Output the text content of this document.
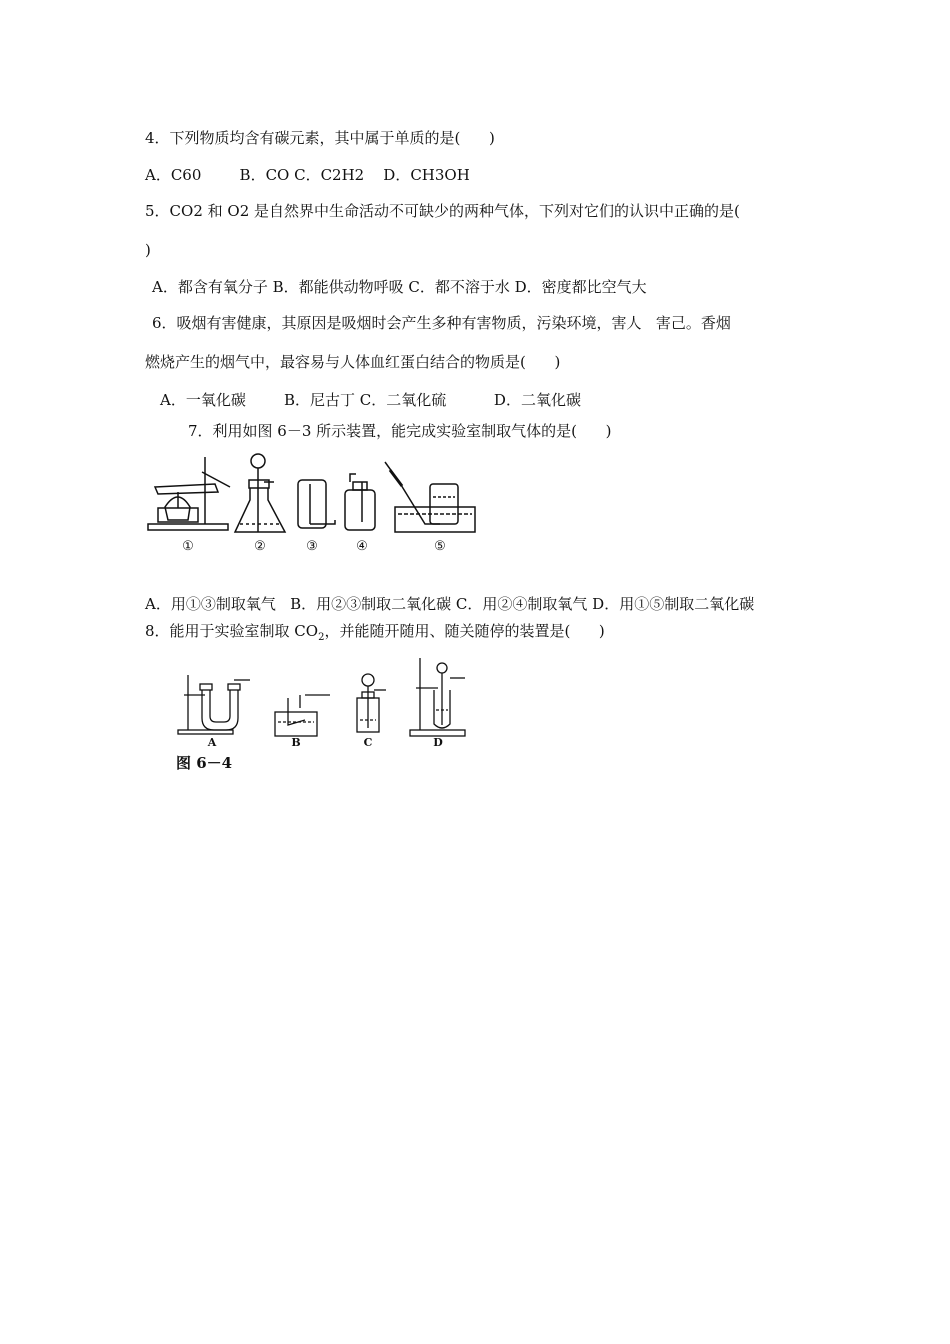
4．下列物质均含有碳元素，其中属于单质的是(      )
A．C60        B．CO C．C2H2    D．CH3OH
5．CO2 和 O2 是自然界中生命活动不可缺少的两种气体，下列对它们的认识中正确的是(
)
A．都含有氧分子 B．都能供动物呼吸 C．都不溶于水 D．密度都比空气大
6．吸烟有害健康，其原因是吸烟时会产生多种有害物质，污染环境，害人   害己。香烟
燃烧产生的烟气中，最容易与人体血红蛋白结合的物质是(      )
A．一氧化碳        B．尼古丁 C．二氧化硫          D．二氧化碳
7．利用如图 6－3 所示装置，能完成实验室制取气体的是(      )
①	②	③	④	⑤
A．用①③制取氧气   B．用②③制取二氧化碳 C．用②④制取氧气 D．用①⑤制取二氧化碳
8．能用于实验室制取 $CO_2$，并能随开随用、随关随停的装置是(      )
A	B	C	D
图 6－4
